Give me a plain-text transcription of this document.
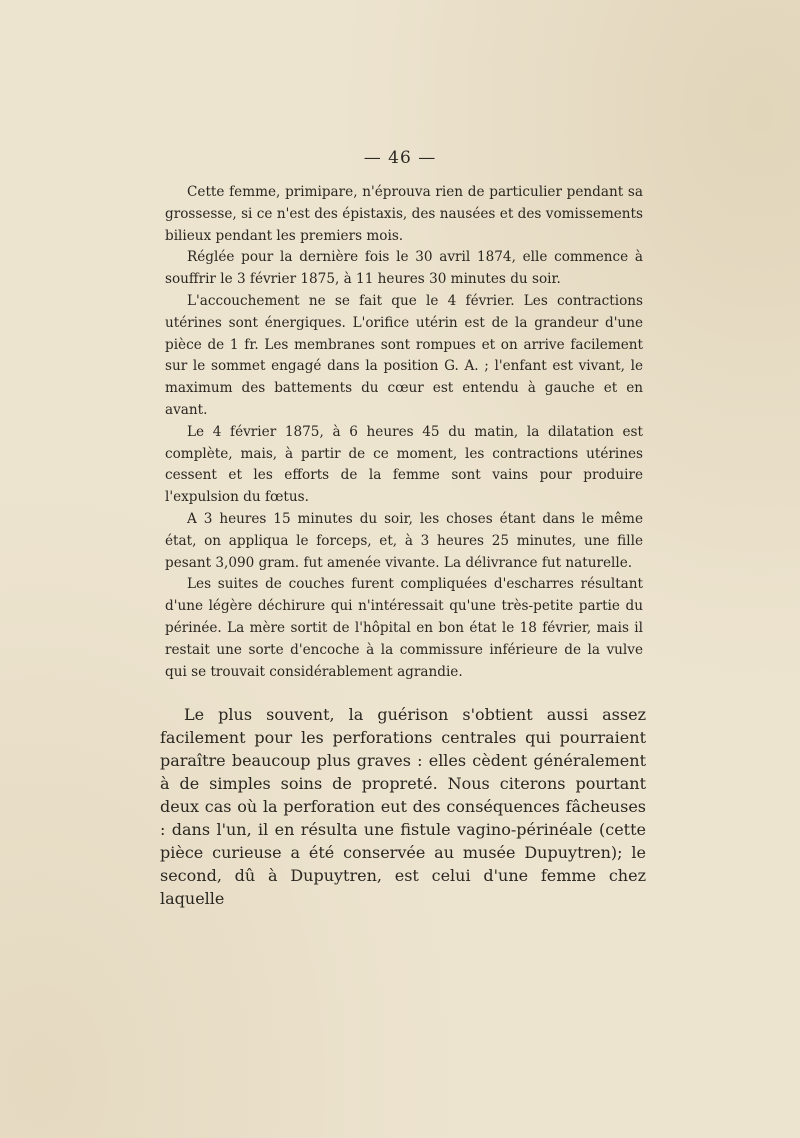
— 46 —

Cette femme, primipare, n'éprouva rien de particulier pendant sa grossesse, si ce n'est des épistaxis, des nausées et des vomissements bilieux pendant les premiers mois.

Réglée pour la dernière fois le 30 avril 1874, elle commence à souffrir le 3 février 1875, à 11 heures 30 minutes du soir.

L'accouchement ne se fait que le 4 février. Les contractions utérines sont énergiques. L'orifice utérin est de la grandeur d'une pièce de 1 fr. Les membranes sont rompues et on arrive facilement sur le sommet engagé dans la position G. A. ; l'enfant est vivant, le maximum des battements du cœur est entendu à gauche et en avant.

Le 4 février 1875, à 6 heures 45 du matin, la dilatation est complète, mais, à partir de ce moment, les contractions utérines cessent et les efforts de la femme sont vains pour produire l'expulsion du fœtus.

A 3 heures 15 minutes du soir, les choses étant dans le même état, on appliqua le forceps, et, à 3 heures 25 minutes, une fille pesant 3,090 gram. fut amenée vivante. La délivrance fut naturelle.

Les suites de couches furent compliquées d'escharres résultant d'une légère déchirure qui n'intéressait qu'une très-petite partie du périnée. La mère sortit de l'hôpital en bon état le 18 février, mais il restait une sorte d'encoche à la commissure inférieure de la vulve qui se trouvait considérablement agrandie.

Le plus souvent, la guérison s'obtient aussi assez facilement pour les perforations centrales qui pourraient paraître beaucoup plus graves : elles cèdent généralement à de simples soins de propreté. Nous citerons pourtant deux cas où la perforation eut des conséquences fâcheuses : dans l'un, il en résulta une fistule vagino-périnéale (cette pièce curieuse a été conservée au musée Dupuytren); le second, dû à Dupuytren, est celui d'une femme chez laquelle
